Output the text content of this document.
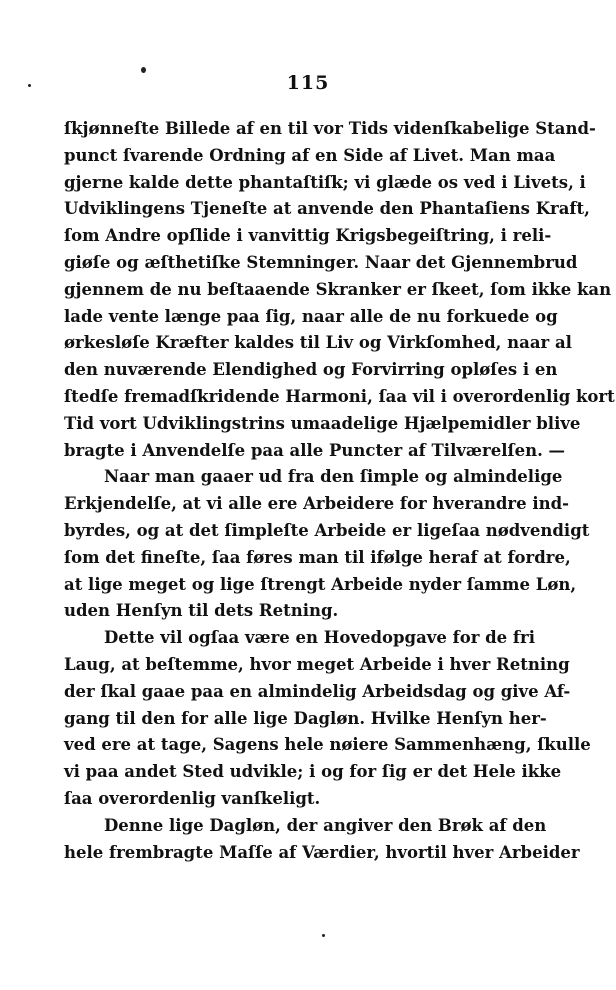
115
ſkjønneſte Billede af en til vor Tids videnſkabelige Stand-
punct ſvarende Ordning af en Side af Livet. Man maa
gjerne kalde dette phantaſtiſk; vi glæde os ved i Livets, i
Udviklingens Tjeneſte at anvende den Phantaſiens Kraft,
ſom Andre opſlide i vanvittig Krigsbegeiſtring, i reli-
giøſe og æſthetiſke Stemninger. Naar det Gjennembrud
gjennem de nu beſtaaende Skranker er ſkeet, ſom ikke kan
lade vente længe paa ſig, naar alle de nu forkuede og
ørkesløſe Kræfter kaldes til Liv og Virkſomhed, naar al
den nuværende Elendighed og Forvirring opløſes i en
ſtedſe fremadſkridende Harmoni, ſaa vil i overordenlig kort
Tid vort Udviklingstrins umaadelige Hjælpemidler blive
bragte i Anvendelſe paa alle Puncter af Tilværelſen. —
Naar man gaaer ud fra den ſimple og almindelige
Erkjendelſe, at vi alle ere Arbeidere for hverandre ind-
byrdes, og at det ſimpleſte Arbeide er ligeſaa nødvendigt
ſom det fineſte, ſaa føres man til ifølge heraf at fordre,
at lige meget og lige ſtrengt Arbeide nyder ſamme Løn,
uden Henſyn til dets Retning.
Dette vil ogſaa være en Hovedopgave for de fri
Laug, at beſtemme, hvor meget Arbeide i hver Retning
der ſkal gaae paa en almindelig Arbeidsdag og give Af-
gang til den for alle lige Dagløn. Hvilke Henſyn her-
ved ere at tage, Sagens hele nøiere Sammenhæng, ſkulle
vi paa andet Sted udvikle; i og for ſig er det Hele ikke
ſaa overordenlig vanſkeligt.
Denne lige Dagløn, der angiver den Brøk af den
hele frembragte Maſſe af Værdier, hvortil hver Arbeider
